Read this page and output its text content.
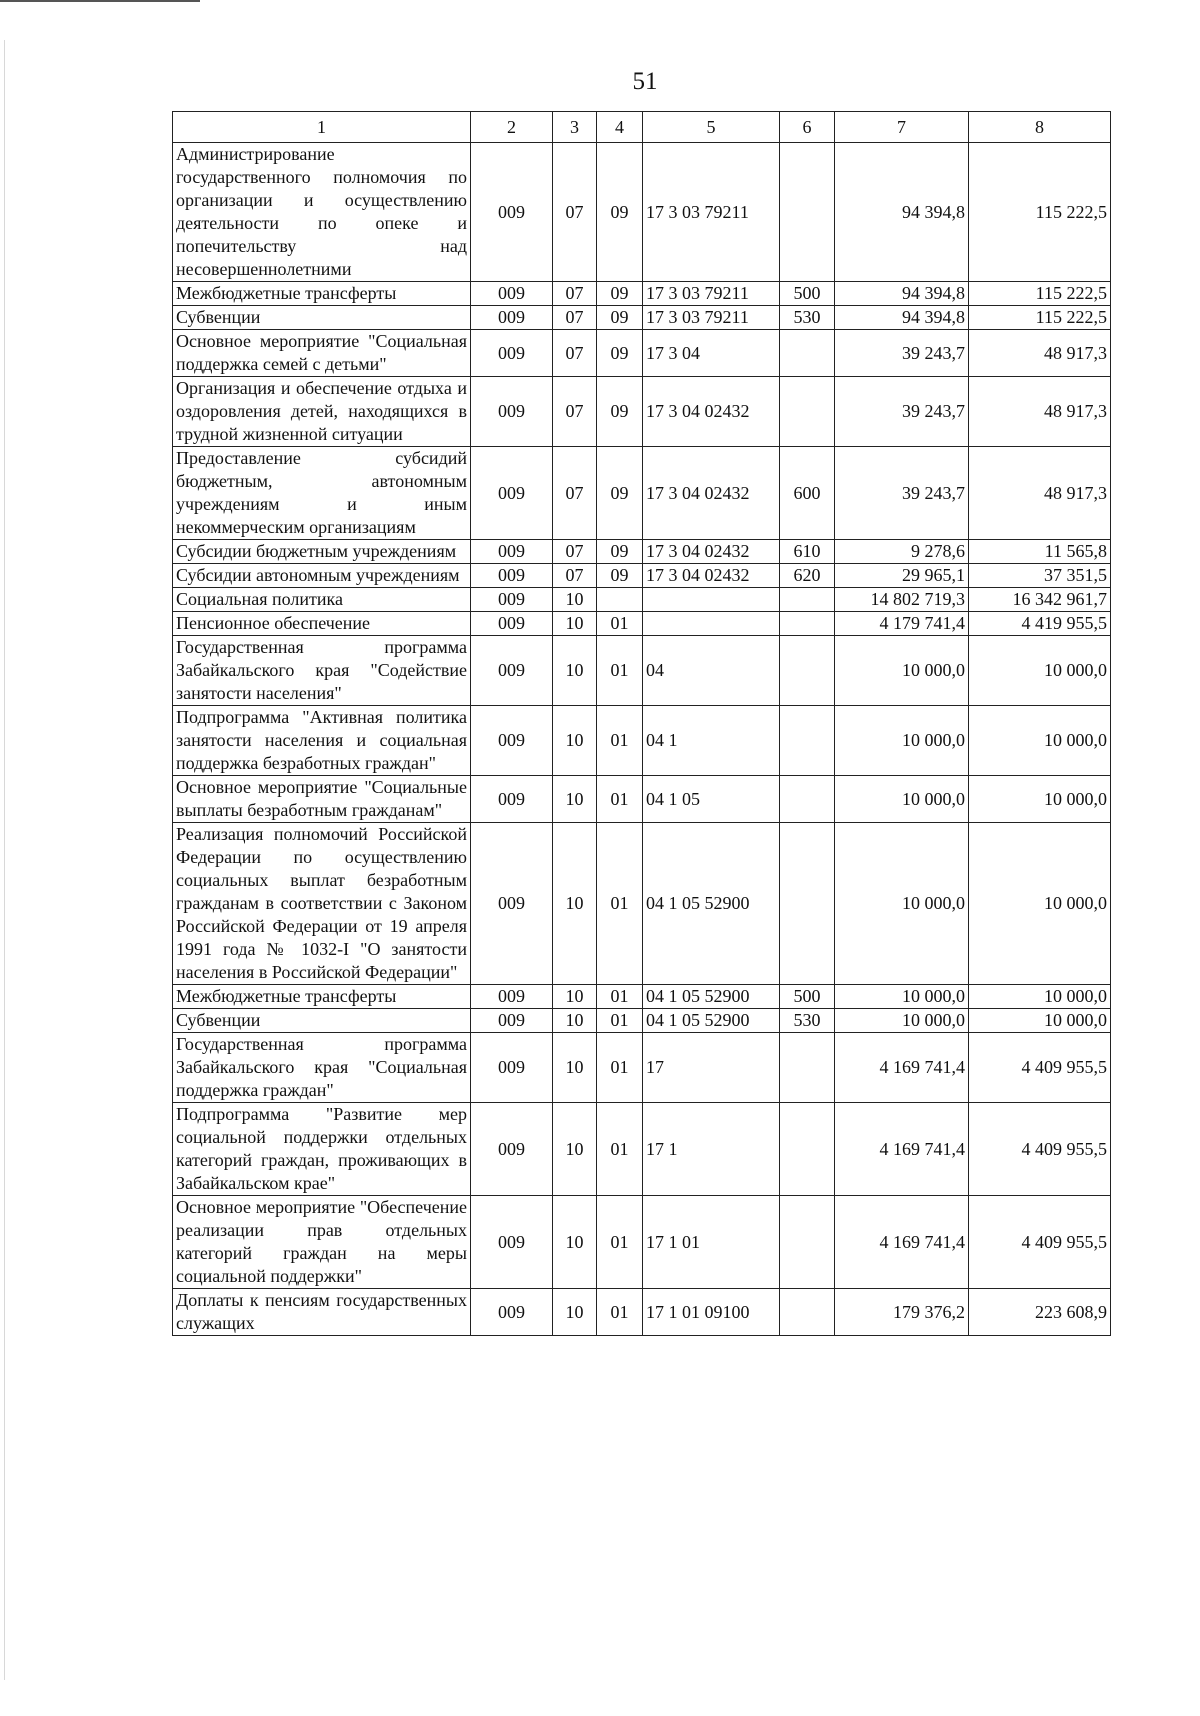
51
1	2	3	4	5	6	7	8
Администрирование государственного полномочия по организации и осуществлению деятельности по опеке и попечительству над несовершеннолетними	009	07	09	17 3 03 79211		94 394,8	115 222,5
Межбюджетные трансферты	009	07	09	17 3 03 79211	500	94 394,8	115 222,5
Субвенции	009	07	09	17 3 03 79211	530	94 394,8	115 222,5
Основное мероприятие "Социальная поддержка семей с детьми"	009	07	09	17 3 04		39 243,7	48 917,3
Организация и обеспечение отдыха и оздоровления детей, находящихся в трудной жизненной ситуации	009	07	09	17 3 04 02432		39 243,7	48 917,3
Предоставление субсидий бюджетным, автономным учреждениям и иным некоммерческим организациям	009	07	09	17 3 04 02432	600	39 243,7	48 917,3
Субсидии бюджетным учреждениям	009	07	09	17 3 04 02432	610	9 278,6	11 565,8
Субсидии автономным учреждениям	009	07	09	17 3 04 02432	620	29 965,1	37 351,5
Социальная политика	009	10				14 802 719,3	16 342 961,7
Пенсионное обеспечение	009	10	01			4 179 741,4	4 419 955,5
Государственная программа Забайкальского края "Содействие занятости населения"	009	10	01	04		10 000,0	10 000,0
Подпрограмма "Активная политика занятости населения и социальная поддержка безработных граждан"	009	10	01	04 1		10 000,0	10 000,0
Основное мероприятие "Социальные выплаты безработным гражданам"	009	10	01	04 1 05		10 000,0	10 000,0
Реализация полномочий Российской Федерации по осуществлению социальных выплат безработным гражданам в соответствии с Законом Российской Федерации от 19 апреля 1991 года № 1032-I "О занятости населения в Российской Федерации"	009	10	01	04 1 05 52900		10 000,0	10 000,0
Межбюджетные трансферты	009	10	01	04 1 05 52900	500	10 000,0	10 000,0
Субвенции	009	10	01	04 1 05 52900	530	10 000,0	10 000,0
Государственная программа Забайкальского края "Социальная поддержка граждан"	009	10	01	17		4 169 741,4	4 409 955,5
Подпрограмма "Развитие мер социальной поддержки отдельных категорий граждан, проживающих в Забайкальском крае"	009	10	01	17 1		4 169 741,4	4 409 955,5
Основное мероприятие "Обеспечение реализации прав отдельных категорий граждан на меры социальной поддержки"	009	10	01	17 1 01		4 169 741,4	4 409 955,5
Доплаты к пенсиям государственных служащих	009	10	01	17 1 01 09100		179 376,2	223 608,9
